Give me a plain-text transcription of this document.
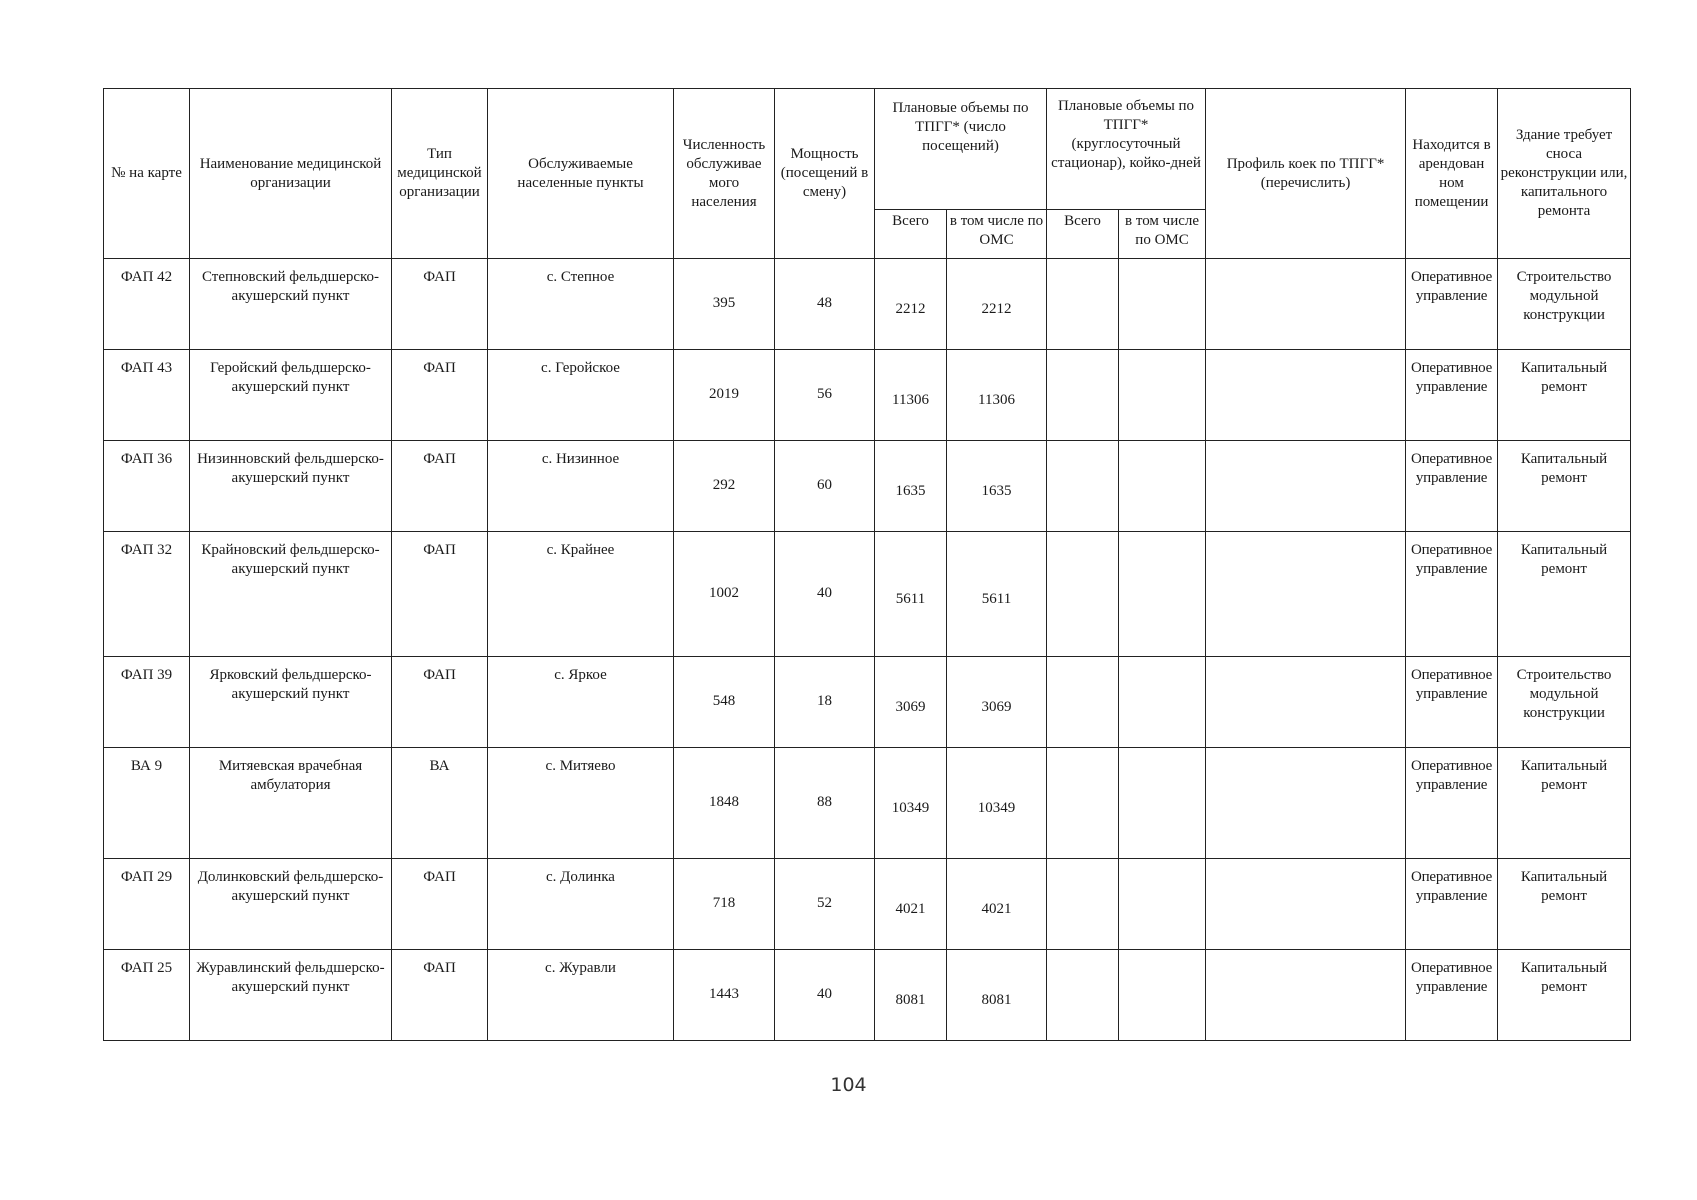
№ на карте	Наименование медицинской организации	Тип медицинской организации	Обслуживаемые населенные пункты	Численность обслуживае мого населения	Мощность (посещений в смену)	Плановые объемы по ТПГГ* (число посещений)		Плановые объемы по ТПГГ* (круглосуточный стационар), койко-дней		Профиль коек по ТПГГ* (перечислить)	Находится в арендован ном помещении	Здание требует сноса реконструкции или, капитального ремонта
						Всего	в том числе по ОМС	Всего	в том числе по ОМС			
ФАП 42	Степновский фельдшерско-акушерский пункт	ФАП	с. Степное	395	48	2212	2212				Оперативное управление	Строительство модульной конструкции
ФАП 43	Геройский фельдшерско-акушерский пункт	ФАП	с. Геройское	2019	56	11306	11306				Оперативное управление	Капитальный ремонт
ФАП 36	Низинновский фельдшерско-акушерский пункт	ФАП	с. Низинное	292	60	1635	1635				Оперативное управление	Капитальный ремонт
ФАП 32	Крайновский фельдшерско-акушерский пункт	ФАП	с. Крайнее	1002	40	5611	5611				Оперативное управление	Капитальный ремонт
ФАП 39	Ярковский фельдшерско-акушерский пункт	ФАП	с. Яркое	548	18	3069	3069				Оперативное управление	Строительство модульной конструкции
ВА 9	Митяевская врачебная амбулатория	ВА	с. Митяево	1848	88	10349	10349				Оперативное управление	Капитальный ремонт
ФАП 29	Долинковский фельдшерско-акушерский пункт	ФАП	с. Долинка	718	52	4021	4021				Оперативное управление	Капитальный ремонт
ФАП 25	Журавлинский фельдшерско-акушерский пункт	ФАП	с. Журавли	1443	40	8081	8081				Оперативное управление	Капитальный ремонт
104
